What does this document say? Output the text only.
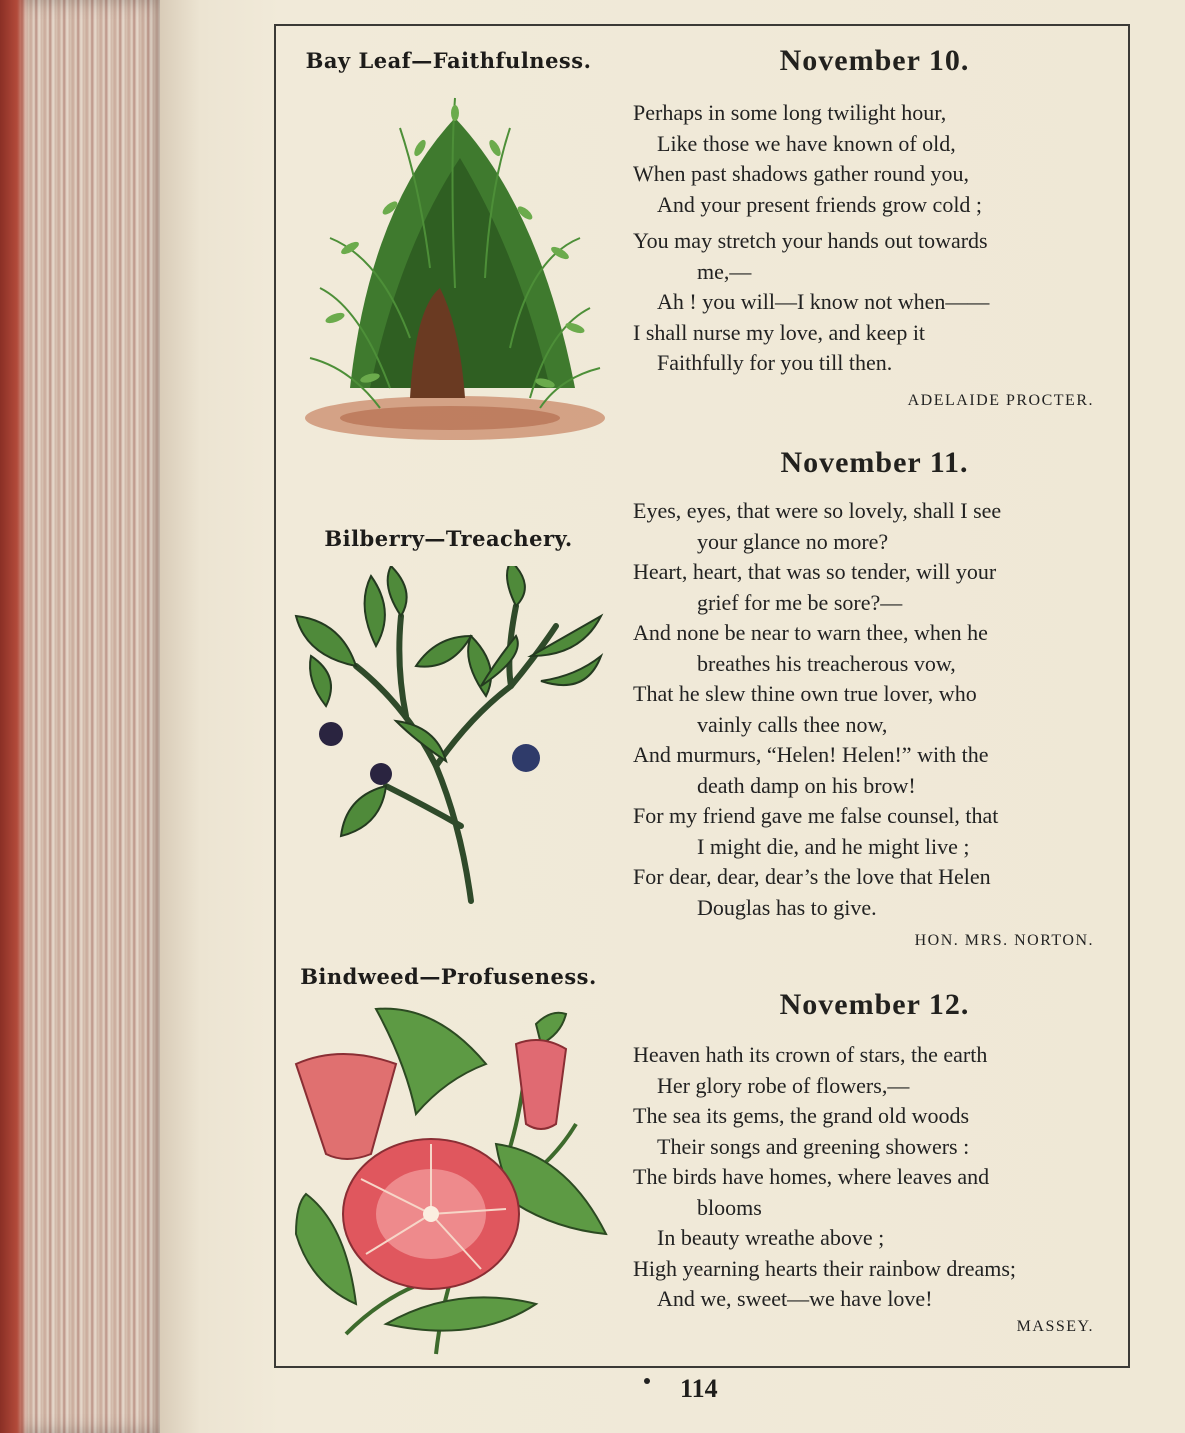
Bay Leaf—Faithfulness.
Bilberry—Treachery.
Bindweed—Profuseness.
November 10.
Perhaps in some long twilight hour,
Like those we have known of old,
When past shadows gather round you,
And your present friends grow cold ;
You may stretch your hands out towards
me,—
Ah ! you will—I know not when——
I shall nurse my love, and keep it
Faithfully for you till then.
ADELAIDE PROCTER.
November 11.
Eyes, eyes, that were so lovely, shall I see
your glance no more?
Heart, heart, that was so tender, will your
grief for me be sore?—
And none be near to warn thee, when he
breathes his treacherous vow,
That he slew thine own true lover, who
vainly calls thee now,
And murmurs, “Helen! Helen!” with the
death damp on his brow!
For my friend gave me false counsel, that
I might die, and he might live ;
For dear, dear, dear’s the love that Helen
Douglas has to give.
HON. MRS. NORTON.
November 12.
Heaven hath its crown of stars, the earth
Her glory robe of flowers,—
The sea its gems, the grand old woods
Their songs and greening showers :
The birds have homes, where leaves and
blooms
In beauty wreathe above ;
High yearning hearts their rainbow dreams;
And we, sweet—we have love!
MASSEY.
114
